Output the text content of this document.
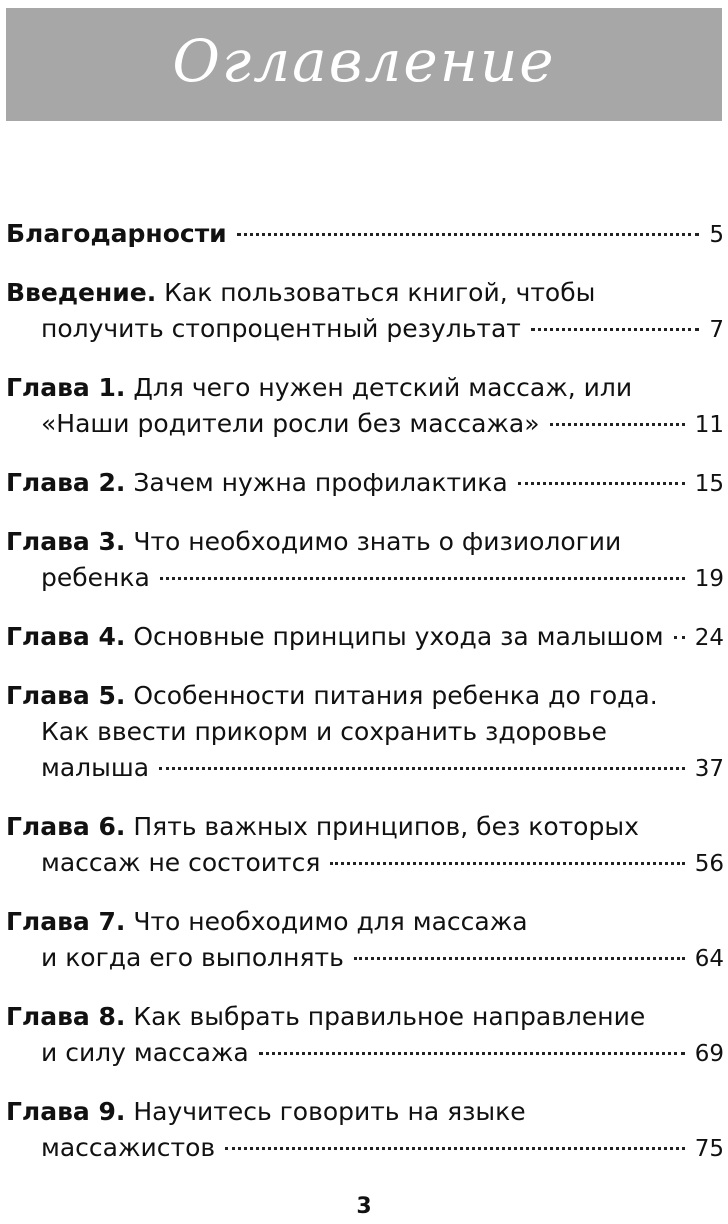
Оглавление
Благодарности	5
Введение. Как пользоваться книгой, чтобы
получить стопроцентный результат	7
Глава 1. Для чего нужен детский массаж, или
«Наши родители росли без массажа»	11
Глава 2. Зачем нужна профилактика	15
Глава 3. Что необходимо знать о физиологии
ребенка	19
Глава 4. Основные принципы ухода за малышом 24
Глава 5. Особенности питания ребенка до года.
Как ввести прикорм и сохранить здоровье
малыша	37
Глава 6. Пять важных принципов, без которых
массаж не состоится	56
Глава 7. Что необходимо для массажа
и когда его выполнять	64
Глава 8. Как выбрать правильное направление
и силу массажа	69
Глава 9. Научитесь говорить на языке
массажистов	75
3
